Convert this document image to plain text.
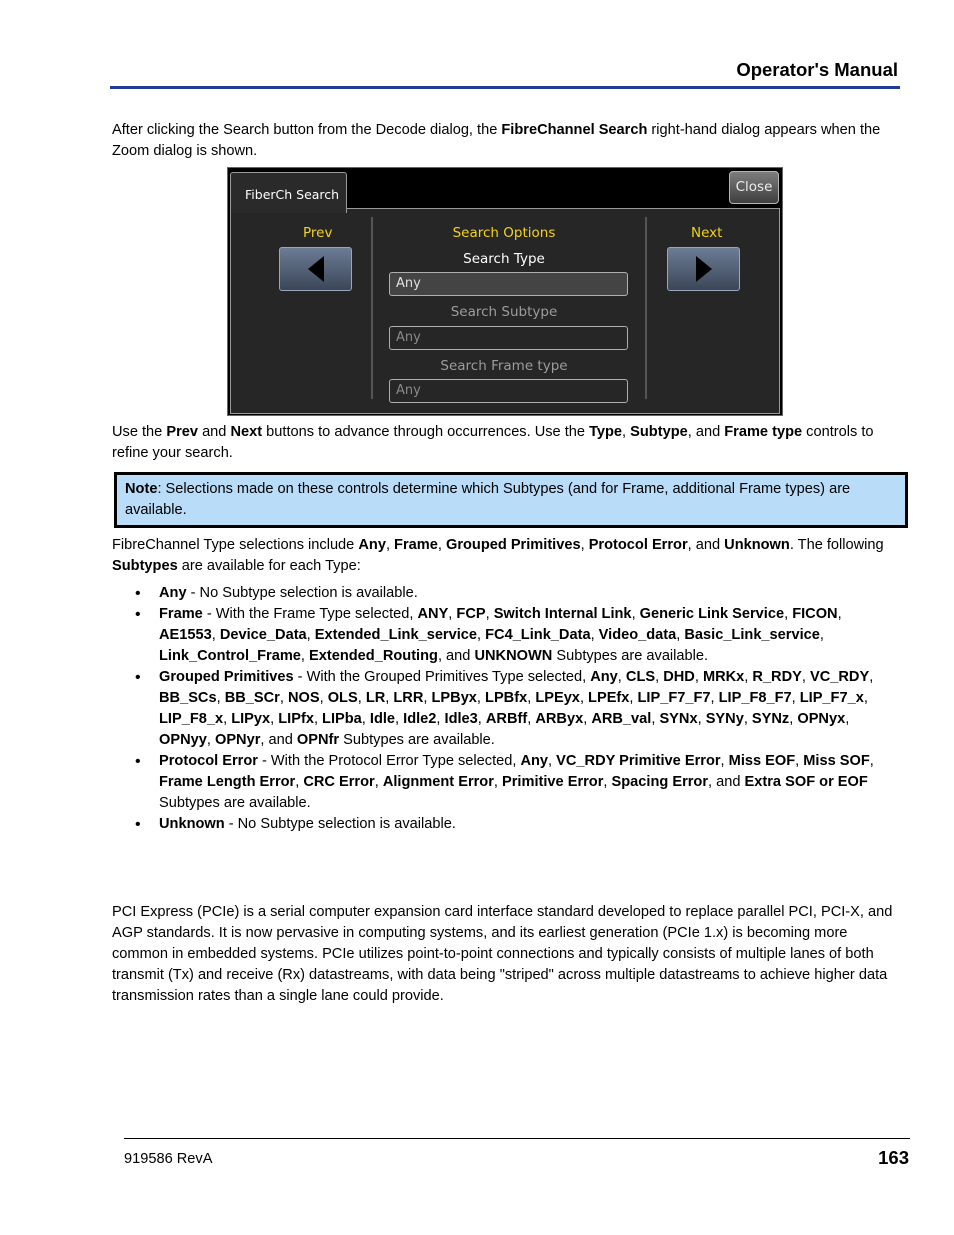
Operator's Manual

After clicking the Search button from the Decode dialog, the FibreChannel Search right-hand dialog appears when the Zoom dialog is shown.

Prev	Search Options
Search Type
Any
Search Subtype
Any
Search Frame type
Any
Next
FiberCh Search	Close

Use the Prev and Next buttons to advance through occurrences. Use the Type, Subtype, and Frame type controls to refine your search.

Note: Selections made on these controls determine which Subtypes (and for Frame, additional Frame types) are available.

FibreChannel Type selections include Any, Frame, Grouped Primitives, Protocol Error, and Unknown. The following Subtypes are available for each Type:

• Any - No Subtype selection is available.
• Frame - With the Frame Type selected, ANY, FCP, Switch Internal Link, Generic Link Service, FICON, AE1553, Device_Data, Extended_Link_service, FC4_Link_Data, Video_data, Basic_Link_service, Link_Control_Frame, Extended_Routing, and UNKNOWN Subtypes are available.
• Grouped Primitives - With the Grouped Primitives Type selected, Any, CLS, DHD, MRKx, R_RDY, VC_RDY, BB_SCs, BB_SCr, NOS, OLS, LR, LRR, LPByx, LPBfx, LPEyx, LPEfx, LIP_F7_F7, LIP_F8_F7, LIP_F7_x, LIP_F8_x, LIPyx, LIPfx, LIPba, Idle, Idle2, Idle3, ARBff, ARByx, ARB_val, SYNx, SYNy, SYNz, OPNyx, OPNyy, OPNyr, and OPNfr Subtypes are available.
• Protocol Error - With the Protocol Error Type selected, Any, VC_RDY Primitive Error, Miss EOF, Miss SOF, Frame Length Error, CRC Error, Alignment Error, Primitive Error, Spacing Error, and Extra SOF or EOF Subtypes are available.
• Unknown - No Subtype selection is available.

PCI Express (PCIe) is a serial computer expansion card interface standard developed to replace parallel PCI, PCI-X, and AGP standards. It is now pervasive in computing systems, and its earliest generation (PCIe 1.x) is becoming more common in embedded systems. PCIe utilizes point-to-point connections and typically consists of multiple lanes of both transmit (Tx) and receive (Rx) datastreams, with data being "striped" across multiple datastreams to achieve higher data transmission rates than a single lane could provide.

919586 RevA	163
